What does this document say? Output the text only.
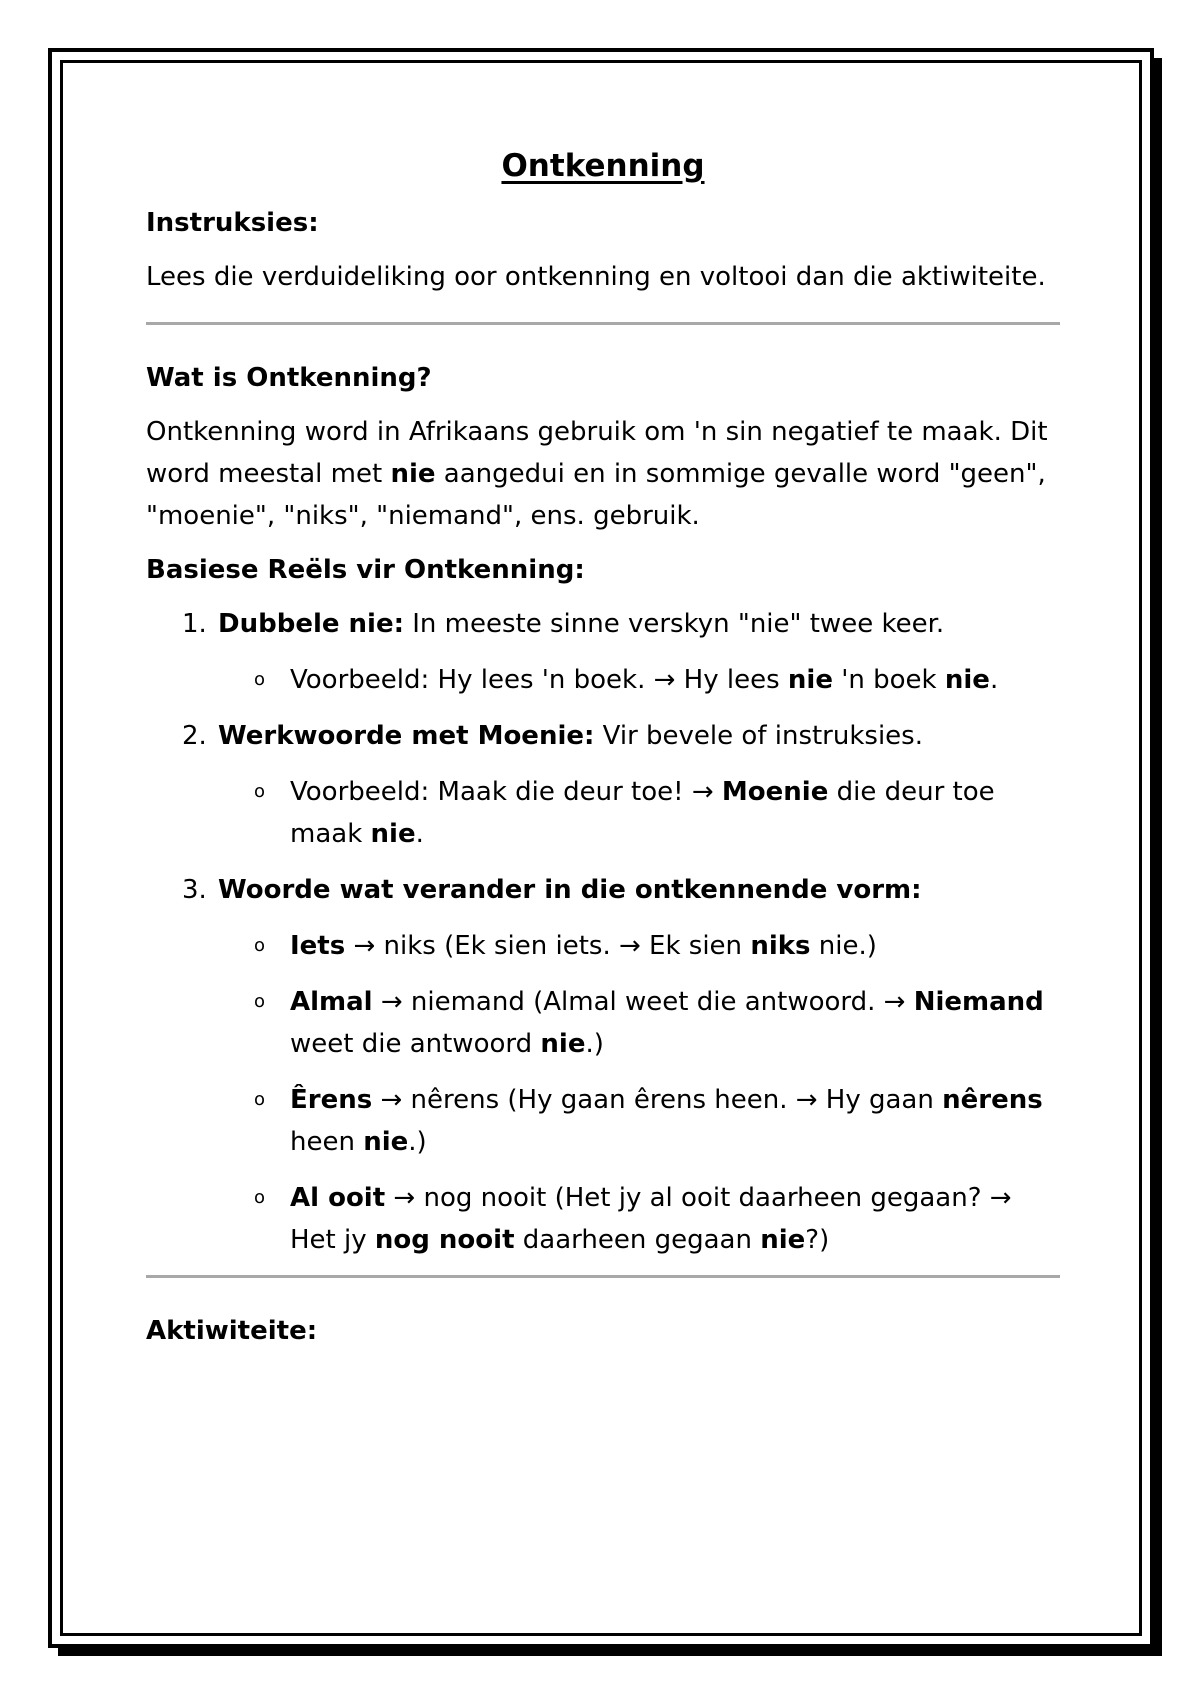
Ontkenning
Instruksies:
Lees die verduideliking oor ontkenning en voltooi dan die aktiwiteite.
Wat is Ontkenning?
Ontkenning word in Afrikaans gebruik om 'n sin negatief te maak. Dit word meestal met nie aangedui en in sommige gevalle word "geen", "moenie", "niks", "niemand", ens. gebruik.
Basiese Reëls vir Ontkenning:
1. Dubbele nie: In meeste sinne verskyn "nie" twee keer.
o Voorbeeld: Hy lees 'n boek. → Hy lees nie 'n boek nie.
2. Werkwoorde met Moenie: Vir bevele of instruksies.
o Voorbeeld: Maak die deur toe! → Moenie die deur toe maak nie.
3. Woorde wat verander in die ontkennende vorm:
o Iets → niks (Ek sien iets. → Ek sien niks nie.)
o Almal → niemand (Almal weet die antwoord. → Niemand weet die antwoord nie.)
o Êrens → nêrens (Hy gaan êrens heen. → Hy gaan nêrens heen nie.)
o Al ooit → nog nooit (Het jy al ooit daarheen gegaan? → Het jy nog nooit daarheen gegaan nie?)
Aktiwiteite:
